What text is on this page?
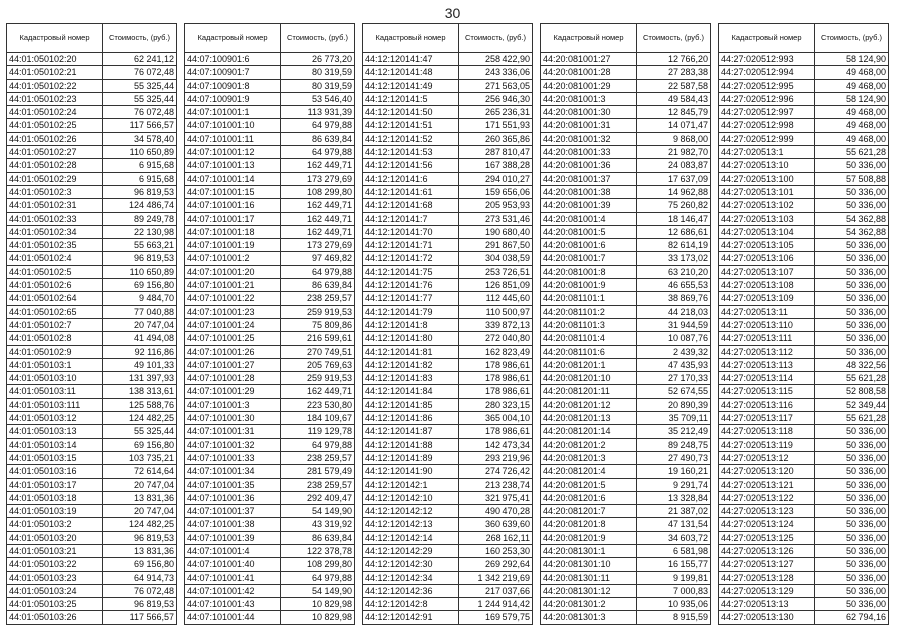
30
Кадастровый номер	Стоимость, (руб.)
44:01:050102:20	62 241,12
44:01:050102:21	76 072,48
44:01:050102:22	55 325,44
44:01:050102:23	55 325,44
44:01:050102:24	76 072,48
44:01:050102:25	117 566,57
44:01:050102:26	34 578,40
44:01:050102:27	110 650,89
44:01:050102:28	6 915,68
44:01:050102:29	6 915,68
44:01:050102:3	96 819,53
44:01:050102:31	124 486,74
44:01:050102:33	89 249,78
44:01:050102:34	22 130,98
44:01:050102:35	55 663,21
44:01:050102:4	96 819,53
44:01:050102:5	110 650,89
44:01:050102:6	69 156,80
44:01:050102:64	9 484,70
44:01:050102:65	77 040,88
44:01:050102:7	20 747,04
44:01:050102:8	41 494,08
44:01:050102:9	92 116,86
44:01:050103:1	49 101,33
44:01:050103:10	131 397,93
44:01:050103:11	138 313,61
44:01:050103:111	125 588,76
44:01:050103:12	124 482,25
44:01:050103:13	55 325,44
44:01:050103:14	69 156,80
44:01:050103:15	103 735,21
44:01:050103:16	72 614,64
44:01:050103:17	20 747,04
44:01:050103:18	13 831,36
44:01:050103:19	20 747,04
44:01:050103:2	124 482,25
44:01:050103:20	96 819,53
44:01:050103:21	13 831,36
44:01:050103:22	69 156,80
44:01:050103:23	64 914,73
44:01:050103:24	76 072,48
44:01:050103:25	96 819,53
44:01:050103:26	117 566,57
Кадастровый номер	Стоимость, (руб.)
44:07:100901:6	26 773,20
44:07:100901:7	80 319,59
44:07:100901:8	80 319,59
44:07:100901:9	53 546,40
44:07:101001:1	113 931,39
44:07:101001:10	64 979,88
44:07:101001:11	86 639,84
44:07:101001:12	64 979,88
44:07:101001:13	162 449,71
44:07:101001:14	173 279,69
44:07:101001:15	108 299,80
44:07:101001:16	162 449,71
44:07:101001:17	162 449,71
44:07:101001:18	162 449,71
44:07:101001:19	173 279,69
44:07:101001:2	97 469,82
44:07:101001:20	64 979,88
44:07:101001:21	86 639,84
44:07:101001:22	238 259,57
44:07:101001:23	259 919,53
44:07:101001:24	75 809,86
44:07:101001:25	216 599,61
44:07:101001:26	270 749,51
44:07:101001:27	205 769,63
44:07:101001:28	259 919,53
44:07:101001:29	162 449,71
44:07:101001:3	223 530,80
44:07:101001:30	184 109,67
44:07:101001:31	119 129,78
44:07:101001:32	64 979,88
44:07:101001:33	238 259,57
44:07:101001:34	281 579,49
44:07:101001:35	238 259,57
44:07:101001:36	292 409,47
44:07:101001:37	54 149,90
44:07:101001:38	43 319,92
44:07:101001:39	86 639,84
44:07:101001:4	122 378,78
44:07:101001:40	108 299,80
44:07:101001:41	64 979,88
44:07:101001:42	54 149,90
44:07:101001:43	10 829,98
44:07:101001:44	10 829,98
Кадастровый номер	Стоимость, (руб.)
44:12:120141:47	258 422,90
44:12:120141:48	243 336,06
44:12:120141:49	271 563,05
44:12:120141:5	256 946,30
44:12:120141:50	265 236,31
44:12:120141:51	171 551,93
44:12:120141:52	260 365,86
44:12:120141:53	287 810,47
44:12:120141:56	167 388,28
44:12:120141:6	294 010,27
44:12:120141:61	159 656,06
44:12:120141:68	205 953,93
44:12:120141:7	273 531,46
44:12:120141:70	190 680,40
44:12:120141:71	291 867,50
44:12:120141:72	304 038,59
44:12:120141:75	253 726,51
44:12:120141:76	126 851,09
44:12:120141:77	112 445,60
44:12:120141:79	110 500,97
44:12:120141:8	339 872,13
44:12:120141:80	272 040,80
44:12:120141:81	162 823,49
44:12:120141:82	178 986,61
44:12:120141:83	178 986,61
44:12:120141:84	178 986,61
44:12:120141:85	280 323,15
44:12:120141:86	365 004,10
44:12:120141:87	178 986,61
44:12:120141:88	142 473,34
44:12:120141:89	293 219,96
44:12:120141:90	274 726,42
44:12:120142:1	213 238,74
44:12:120142:10	321 975,41
44:12:120142:12	490 470,28
44:12:120142:13	360 639,60
44:12:120142:14	268 162,11
44:12:120142:29	160 253,30
44:12:120142:30	269 292,64
44:12:120142:34	1 342 219,69
44:12:120142:36	217 037,66
44:12:120142:8	1 244 914,42
44:12:120142:91	169 579,75
Кадастровый номер	Стоимость, (руб.)
44:20:081001:27	12 766,20
44:20:081001:28	27 283,38
44:20:081001:29	22 587,58
44:20:081001:3	49 584,43
44:20:081001:30	12 845,79
44:20:081001:31	14 071,47
44:20:081001:32	9 868,00
44:20:081001:33	21 982,70
44:20:081001:36	24 083,87
44:20:081001:37	17 637,09
44:20:081001:38	14 962,88
44:20:081001:39	75 260,82
44:20:081001:4	18 146,47
44:20:081001:5	12 686,61
44:20:081001:6	82 614,19
44:20:081001:7	33 173,02
44:20:081001:8	63 210,20
44:20:081001:9	46 655,53
44:20:081101:1	38 869,76
44:20:081101:2	44 218,03
44:20:081101:3	31 944,59
44:20:081101:4	10 087,76
44:20:081101:6	2 439,32
44:20:081201:1	47 435,93
44:20:081201:10	27 170,33
44:20:081201:11	52 674,55
44:20:081201:12	20 890,39
44:20:081201:13	35 709,11
44:20:081201:14	35 212,49
44:20:081201:2	89 248,75
44:20:081201:3	27 490,73
44:20:081201:4	19 160,21
44:20:081201:5	9 291,74
44:20:081201:6	13 328,84
44:20:081201:7	21 387,02
44:20:081201:8	47 131,54
44:20:081201:9	34 603,72
44:20:081301:1	6 581,98
44:20:081301:10	16 155,77
44:20:081301:11	9 199,81
44:20:081301:12	7 000,83
44:20:081301:2	10 935,06
44:20:081301:3	8 915,59
Кадастровый номер	Стоимость, (руб.)
44:27:020512:993	58 124,90
44:27:020512:994	49 468,00
44:27:020512:995	49 468,00
44:27:020512:996	58 124,90
44:27:020512:997	49 468,00
44:27:020512:998	49 468,00
44:27:020512:999	49 468,00
44:27:020513:1	55 621,28
44:27:020513:10	50 336,00
44:27:020513:100	57 508,88
44:27:020513:101	50 336,00
44:27:020513:102	50 336,00
44:27:020513:103	54 362,88
44:27:020513:104	54 362,88
44:27:020513:105	50 336,00
44:27:020513:106	50 336,00
44:27:020513:107	50 336,00
44:27:020513:108	50 336,00
44:27:020513:109	50 336,00
44:27:020513:11	50 336,00
44:27:020513:110	50 336,00
44:27:020513:111	50 336,00
44:27:020513:112	50 336,00
44:27:020513:113	48 322,56
44:27:020513:114	55 621,28
44:27:020513:115	52 808,58
44:27:020513:116	52 349,44
44:27:020513:117	55 621,28
44:27:020513:118	50 336,00
44:27:020513:119	50 336,00
44:27:020513:12	50 336,00
44:27:020513:120	50 336,00
44:27:020513:121	50 336,00
44:27:020513:122	50 336,00
44:27:020513:123	50 336,00
44:27:020513:124	50 336,00
44:27:020513:125	50 336,00
44:27:020513:126	50 336,00
44:27:020513:127	50 336,00
44:27:020513:128	50 336,00
44:27:020513:129	50 336,00
44:27:020513:13	50 336,00
44:27:020513:130	62 794,16
